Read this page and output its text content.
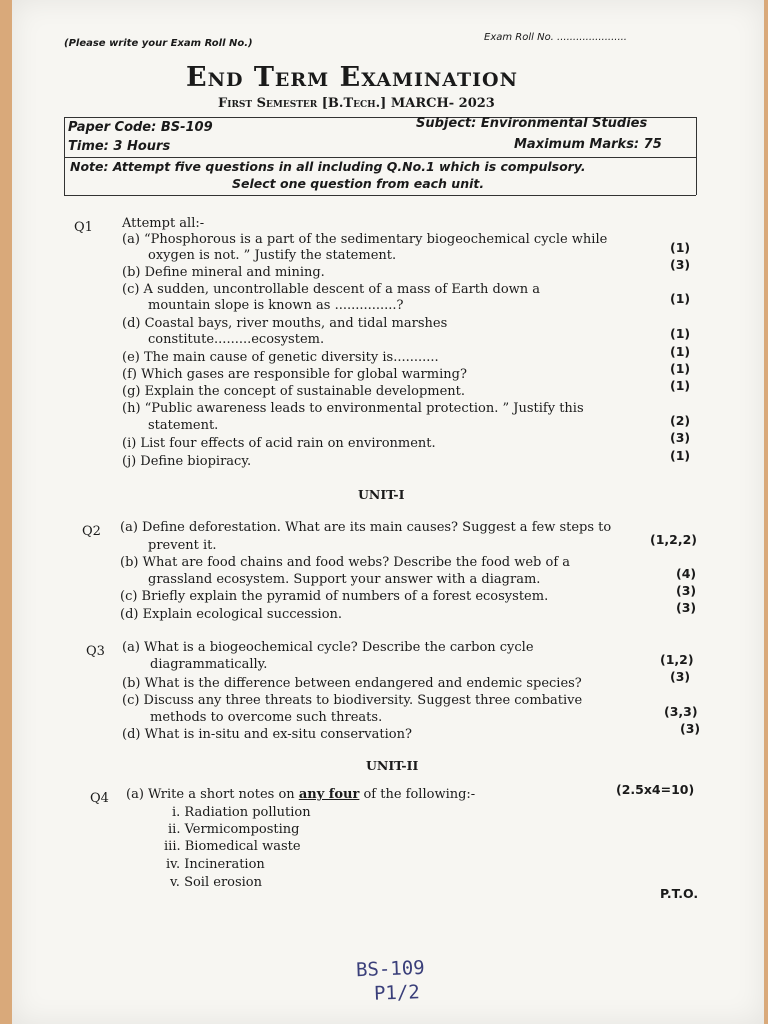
(Please write your Exam Roll No.)
Exam Roll No. ......................
End Term Examination
First Semester [B.Tech.] MARCH- 2023
Paper Code: BS-109	Subject: Environmental Studies
Time: 3 Hours	Maximum Marks: 75
Note: Attempt five questions in all including Q.No.1 which is compulsory.
Select one question from each unit.
Q1 Attempt all:-
(a) “Phosphorous is a part of the sedimentary biogeochemical cycle while
oxygen is not. ” Justify the statement.
(1)
(b) Define mineral and mining.
(3)
(c) A sudden, uncontrollable descent of a mass of Earth down a
mountain slope is known as ...............?	(1)
(d) Coastal bays, river mouths, and tidal marshes
constitute.........ecosystem.	(1)
(e) The main cause of genetic diversity is...........	(1)
(f) Which gases are responsible for global warming?	(1)
(g) Explain the concept of sustainable development.	(1)
(h) “Public awareness leads to environmental protection. ” Justify this
statement.	(2)
(i) List four effects of acid rain on environment.	(3)
(j) Define biopiracy.	(1)
UNIT-I
Q2 (a) Define deforestation. What are its main causes? Suggest a few steps to
prevent it.	(1,2,2)
(b) What are food chains and food webs? Describe the food web of a
grassland ecosystem. Support your answer with a diagram.	(4)
(c) Briefly explain the pyramid of numbers of a forest ecosystem.	(3)
(d) Explain ecological succession.	(3)
Q3 (a) What is a biogeochemical cycle? Describe the carbon cycle
diagrammatically.	(1,2)
(b) What is the difference between endangered and endemic species?	(3)
(c) Discuss any three threats to biodiversity. Suggest three combative
methods to overcome such threats.	(3,3)
(d) What is in-situ and ex-situ conservation?	(3)
UNIT-II
Q4 (a) Write a short notes on any four of the following:-	(2.5x4=10)
i. Radiation pollution
ii. Vermicomposting
iii. Biomedical waste
iv. Incineration
v. Soil erosion
P.T.O.
BS-109
P1/2
